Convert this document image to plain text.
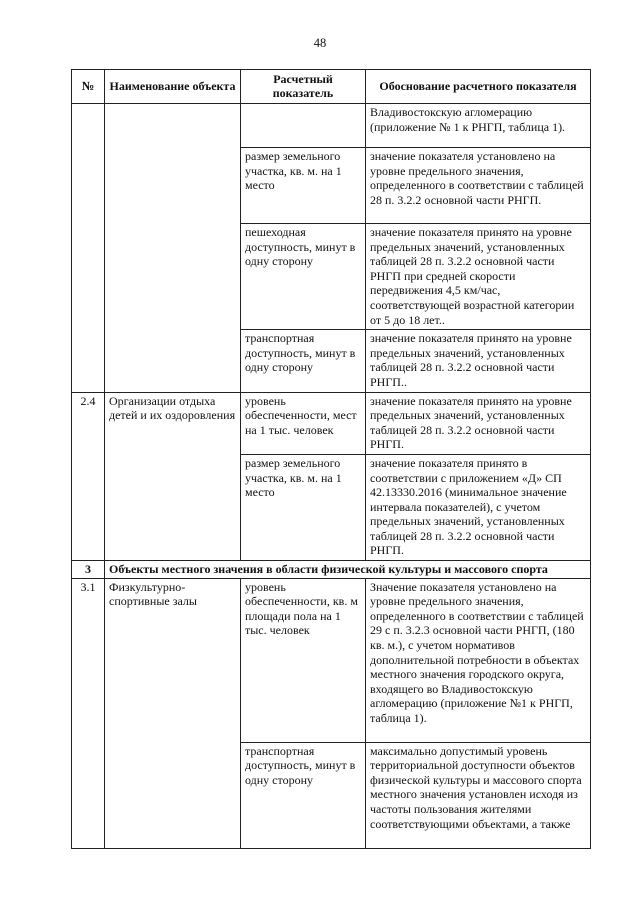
48
№	Наименование объекта	Расчетный показатель	Обоснование расчетного показателя
			Владивостокскую агломерацию (приложение № 1 к РНГП, таблица 1).
		размер земельного участка, кв. м. на 1 место	значение показателя установлено на уровне предельного значения, определенного в соответствии с таблицей 28 п. 3.2.2 основной части РНГП.
		пешеходная доступность, минут в одну сторону	значение показателя принято на уровне предельных значений, установленных таблицей 28 п. 3.2.2 основной части РНГП при средней скорости передвижения 4,5 км/час, соответствующей возрастной категории от 5 до 18 лет..
		транспортная доступность, минут в одну сторону	значение показателя принято на уровне предельных значений, установленных таблицей 28 п. 3.2.2 основной части РНГП..
2.4	Организации отдыха детей и их оздоровления	уровень обеспеченности, мест на 1 тыс. человек	значение показателя принято на уровне предельных значений, установленных таблицей 28 п. 3.2.2 основной части РНГП.
		размер земельного участка, кв. м. на 1 место	значение показателя принято в соответствии с приложением «Д» СП 42.13330.2016 (минимальное значение интервала показателей), с учетом предельных значений, установленных таблицей 28 п. 3.2.2 основной части РНГП.
3	Объекты местного значения в области физической культуры и массового спорта		
3.1	Физкультурно-спортивные залы	уровень обеспеченности, кв. м площади пола на 1 тыс. человек	Значение показателя установлено на уровне предельного значения, определенного в соответствии с таблицей 29 с п. 3.2.3 основной части РНГП, (180 кв. м.), с учетом нормативов дополнительной потребности в объектах местного значения городского округа, входящего во Владивостокскую агломерацию (приложение №1 к РНГП, таблица 1).
		транспортная доступность, минут в одну сторону	максимально допустимый уровень территориальной доступности объектов физической культуры и массового спорта местного значения установлен исходя из частоты пользования жителями соответствующими объектами, а также
